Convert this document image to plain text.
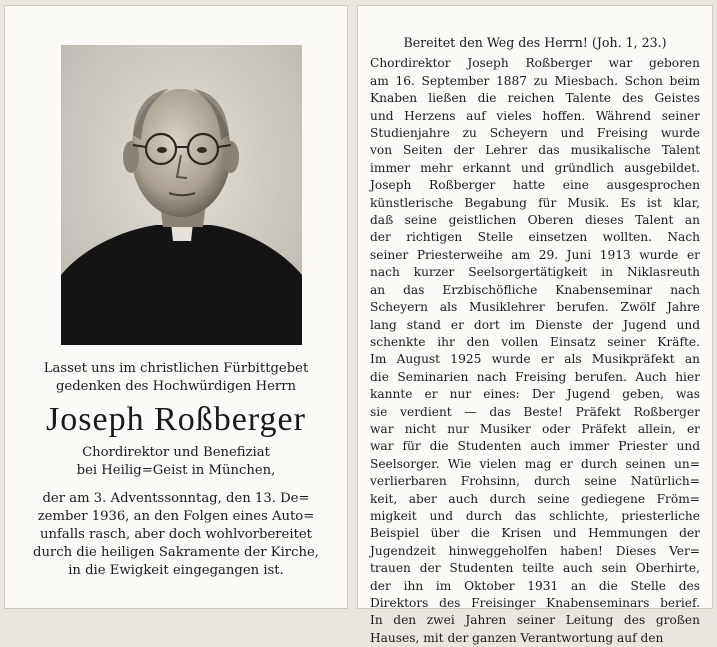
Lasset uns im christlichen Fürbittgebet

gedenken des Hochwürdigen Herrn

Joseph Roßberger

Chordirektor und Benefiziat

bei Heilig=Geist in München,

der am 3. Adventssonntag, den 13. De=

zember 1936, an den Folgen eines Auto=

unfalls rasch, aber doch wohlvorbereitet

durch die heiligen Sakramente der Kirche,

in die Ewigkeit eingegangen ist.

Bereitet den Weg des Herrn! (Joh. 1, 23.)
Chordirektor Joseph Roßberger war geboren
am 16. September 1887 zu Miesbach. Schon beim
Knaben ließen die reichen Talente des Geistes
und Herzens auf vieles hoffen. Während seiner
Studienjahre zu Scheyern und Freising wurde
von Seiten der Lehrer das musikalische Talent
immer mehr erkannt und gründlich ausgebildet.
Joseph Roßberger hatte eine ausgesprochen
künstlerische Begabung für Musik. Es ist klar,
daß seine geistlichen Oberen dieses Talent an
der richtigen Stelle einsetzen wollten. Nach
seiner Priesterweihe am 29. Juni 1913 wurde er
nach kurzer Seelsorgertätigkeit in Niklasreuth
an das Erzbischöfliche Knabenseminar nach
Scheyern als Musiklehrer berufen. Zwölf Jahre
lang stand er dort im Dienste der Jugend und
schenkte ihr den vollen Einsatz seiner Kräfte.
Im August 1925 wurde er als Musikpräfekt an
die Seminarien nach Freising berufen. Auch hier
kannte er nur eines: Der Jugend geben, was
sie verdient — das Beste! Präfekt Roßberger
war nicht nur Musiker oder Präfekt allein, er
war für die Studenten auch immer Priester und
Seelsorger. Wie vielen mag er durch seinen un=
verlierbaren Frohsinn, durch seine Natürlich=
keit, aber auch durch seine gediegene Fröm=
migkeit und durch das schlichte, priesterliche
Beispiel über die Krisen und Hemmungen der
Jugendzeit hinweggeholfen haben! Dieses Ver=
trauen der Studenten teilte auch sein Oberhirte,
der ihn im Oktober 1931 an die Stelle des
Direktors des Freisinger Knabenseminars berief.
In den zwei Jahren seiner Leitung des großen
Hauses, mit der ganzen Verantwortung auf den
